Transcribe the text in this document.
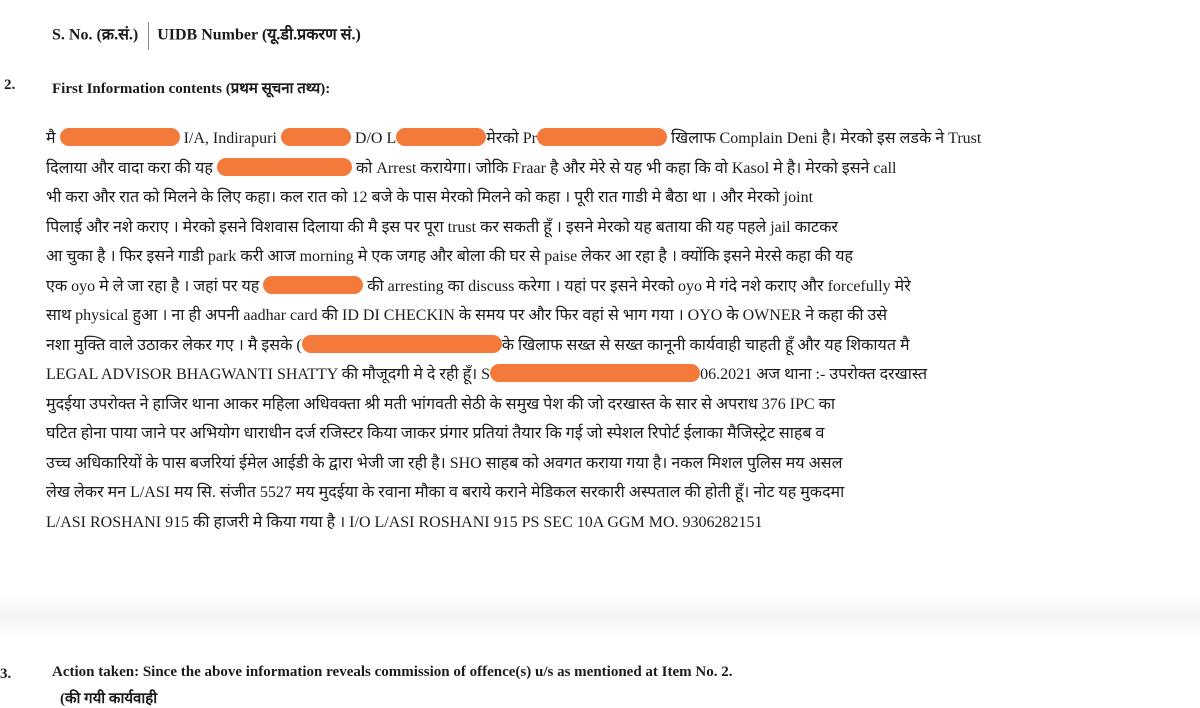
S. No. (क्र.सं.) UIDB Number (यू.डी.प्रकरण सं.)
2. First Information contents (प्रथम सूचना तथ्य):
मै	I/A, Indirapuri	D/O L	मेरको Pr	खिलाफ Complain Deni है। मेरको इस लडके ने Trust
दिलाया और वादा करा की यह	को Arrest करायेगा। जोकि Fraar है और मेरे से यह भी कहा कि वो Kasol मे है। मेरको इसने call
भी करा और रात को मिलने के लिए कहा। कल रात को 12 बजे के पास मेरको मिलने को कहा । पूरी रात गाडी मे बैठा था । और मेरको joint
पिलाई और नशे कराए । मेरको इसने विशवास दिलाया की मै इस पर पूरा trust कर सकती हूँ । इसने मेरको यह बताया की यह पहले jail काटकर
आ चुका है । फिर इसने गाडी park करी आज morning मे एक जगह और बोला की घर से paise लेकर आ रहा है । क्योंकि इसने मेरसे कहा की यह
एक oyo मे ले जा रहा है । जहां पर यह	की arresting का discuss करेगा । यहां पर इसने मेरको oyo मे गंदे नशे कराए और forcefully मेरे
साथ physical हुआ । ना ही अपनी aadhar card की ID DI CHECKIN के समय पर और फिर वहां से भाग गया । OYO के OWNER ने कहा की उसे
नशा मुक्ति वाले उठाकर लेकर गए । मै इसके (	के खिलाफ सख्त से सख्त कानूनी कार्यवाही चाहती हूँ और यह शिकायत मै
LEGAL ADVISOR BHAGWANTI SHATTY की मौजूदगी मे दे रही हूँ। S	06.2021 अज थाना :- उपरोक्त दरखास्त
मुदईया उपरोक्त ने हाजिर थाना आकर महिला अधिवक्ता श्री मती भांगवती सेठी के समुख पेश की जो दरखास्त के सार से अपराध 376 IPC का
घटित होना पाया जाने पर अभियोग धाराधीन दर्ज रजिस्टर किया जाकर प्रंगार प्रतियां तैयार कि गई जो स्पेशल रिपोर्ट ईलाका मैजिस्ट्रेट साहब व
उच्च अधिकारियों के पास बजरियां ईमेल आईडी के द्वारा भेजी जा रही है। SHO साहब को अवगत कराया गया है। नकल मिशल पुलिस मय असल
लेख लेकर मन L/ASI मय सि. संजीत 5527 मय मुदईया के रवाना मौका व बराये कराने मेडिकल सरकारी अस्पताल की होती हूँ। नोट यह मुकदमा
L/ASI ROSHANI 915 की हाजरी मे किया गया है । I/O L/ASI ROSHANI 915 PS SEC 10A GGM MO. 9306282151
3.	Action taken: Since the above information reveals commission of offence(s) u/s as mentioned at Item No. 2.
(की गयी कार्यवाही
